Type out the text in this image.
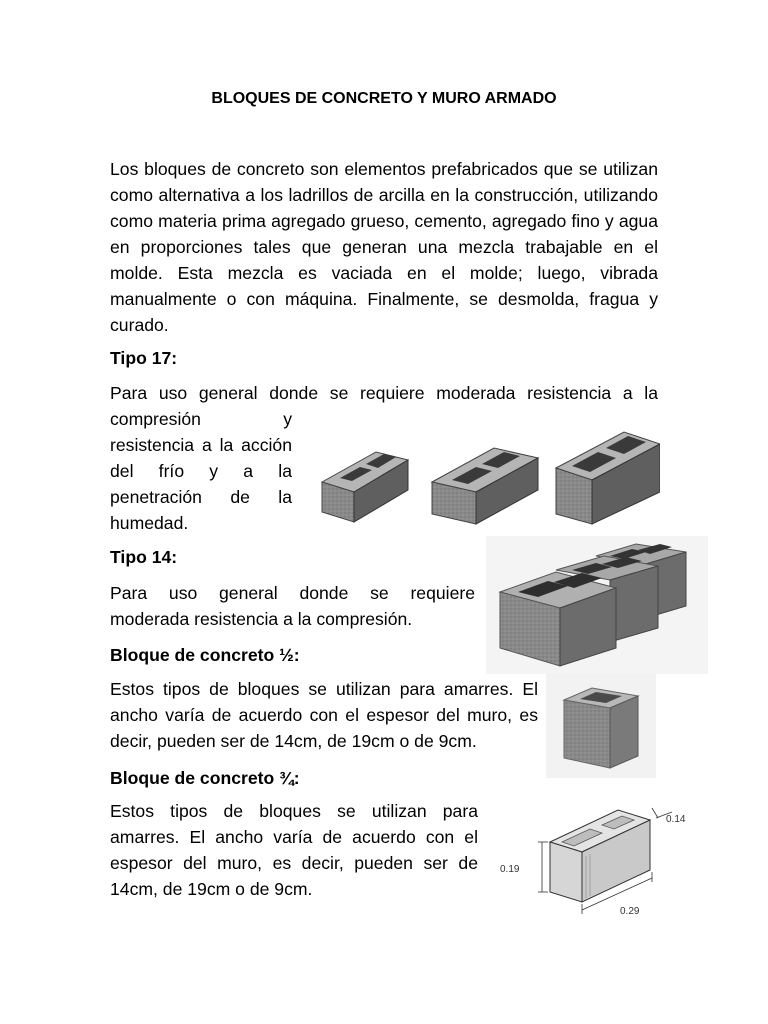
BLOQUES DE CONCRETO Y MURO ARMADO

Los bloques de concreto son elementos prefabricados que se utilizan como alternativa a los ladrillos de arcilla en la construcción, utilizando como materia prima agregado grueso, cemento, agregado fino y agua en proporciones tales que generan una mezcla trabajable en el molde. Esta mezcla es vaciada en el molde; luego, vibrada manualmente o con máquina. Finalmente, se desmolda, fragua y curado.

Tipo 17:
Para uso general donde se requiere moderada resistencia a la
compresión y
resistencia a la acción
del frío y a la
penetración de la
humedad.
Tipo 14:
Para uso general donde se requiere
moderada resistencia a la compresión.
Bloque de concreto ½:
Estos tipos de bloques se utilizan para amarres. El
ancho varía de acuerdo con el espesor del muro, es
decir, pueden ser de 14cm, de 19cm o de 9cm.
Bloque de concreto ¾:
Estos tipos de bloques se utilizan para
amarres. El ancho varía de acuerdo con el
espesor del muro, es decir, pueden ser de
14cm, de 19cm o de 9cm.
0.19
0.14
0.29
